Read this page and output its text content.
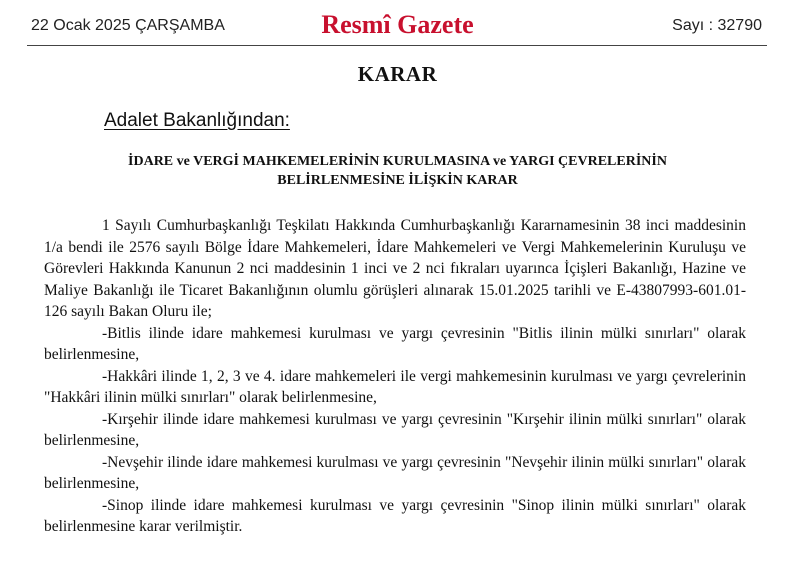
22 Ocak 2025 ÇARŞAMBA	Resmî Gazete	Sayı : 32790
KARAR
Adalet Bakanlığından:
İDARE ve VERGİ MAHKEMELERİNİN KURULMASINA ve YARGI ÇEVRELERİNİN
BELİRLENMESİNE İLİŞKİN KARAR

1 Sayılı Cumhurbaşkanlığı Teşkilatı Hakkında Cumhurbaşkanlığı Kararnamesinin 38 inci maddesinin 1/a bendi ile 2576 sayılı Bölge İdare Mahkemeleri, İdare Mahkemeleri ve Vergi Mahkemelerinin Kuruluşu ve Görevleri Hakkında Kanunun 2 nci maddesinin 1 inci ve 2 nci fıkraları uyarınca İçişleri Bakanlığı, Hazine ve Maliye Bakanlığı ile Ticaret Bakanlığının olumlu görüşleri alınarak 15.01.2025 tarihli ve E-43807993-601.01-126 sayılı Bakan Oluru ile;

-Bitlis ilinde idare mahkemesi kurulması ve yargı çevresinin "Bitlis ilinin mülki sınırları" olarak belirlenmesine,

-Hakkâri ilinde 1, 2, 3 ve 4. idare mahkemeleri ile vergi mahkemesinin kurulması ve yargı çevrelerinin "Hakkâri ilinin mülki sınırları" olarak belirlenmesine,

-Kırşehir ilinde idare mahkemesi kurulması ve yargı çevresinin "Kırşehir ilinin mülki sınırları" olarak belirlenmesine,

-Nevşehir ilinde idare mahkemesi kurulması ve yargı çevresinin "Nevşehir ilinin mülki sınırları" olarak belirlenmesine,

-Sinop ilinde idare mahkemesi kurulması ve yargı çevresinin "Sinop ilinin mülki sınırları" olarak belirlenmesine karar verilmiştir.
